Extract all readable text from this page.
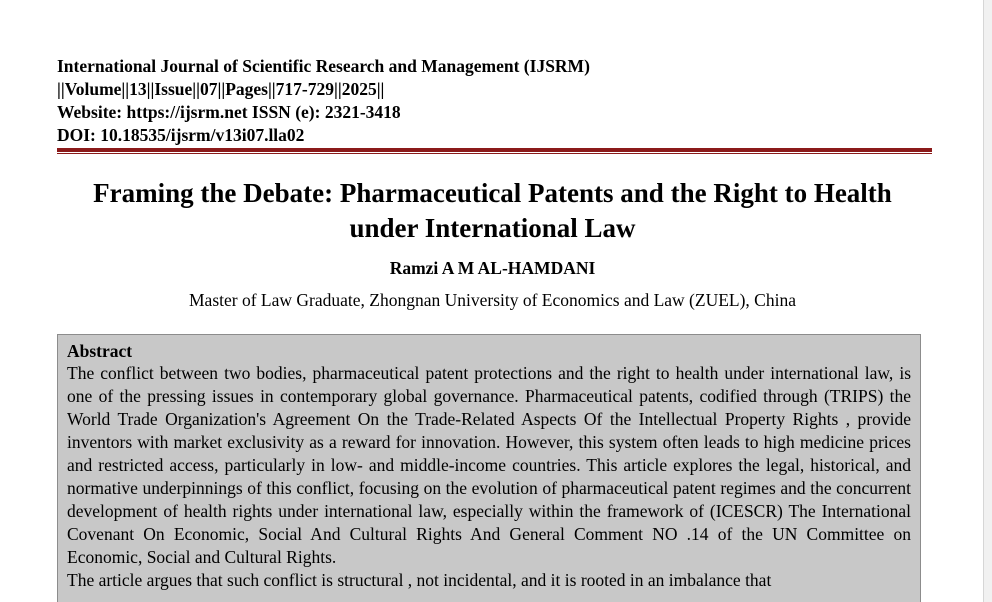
International Journal of Scientific Research and Management (IJSRM)
||Volume||13||Issue||07||Pages||717-729||2025||
Website: https://ijsrm.net ISSN (e): 2321-3418
DOI: 10.18535/ijsrm/v13i07.lla02
Framing the Debate: Pharmaceutical Patents and the Right to Health under International Law
Ramzi A M AL-HAMDANI
Master of Law Graduate, Zhongnan University of Economics and Law (ZUEL), China
Abstract

The conflict between two bodies, pharmaceutical patent protections and the right to health under international law, is one of the pressing issues in contemporary global governance. Pharmaceutical patents, codified through (TRIPS) the World Trade Organization's Agreement On the Trade-Related Aspects Of the Intellectual Property Rights , provide inventors with market exclusivity as a reward for innovation. However, this system often leads to high medicine prices and restricted access, particularly in low- and middle-income countries. This article explores the legal, historical, and normative underpinnings of this conflict, focusing on the evolution of pharmaceutical patent regimes and the concurrent development of health rights under international law, especially within the framework of (ICESCR) The International Covenant On Economic, Social And Cultural Rights And General Comment NO .14 of the UN Committee on Economic, Social and Cultural Rights.

The article argues that such conflict is structural , not incidental, and it is rooted in an imbalance that
